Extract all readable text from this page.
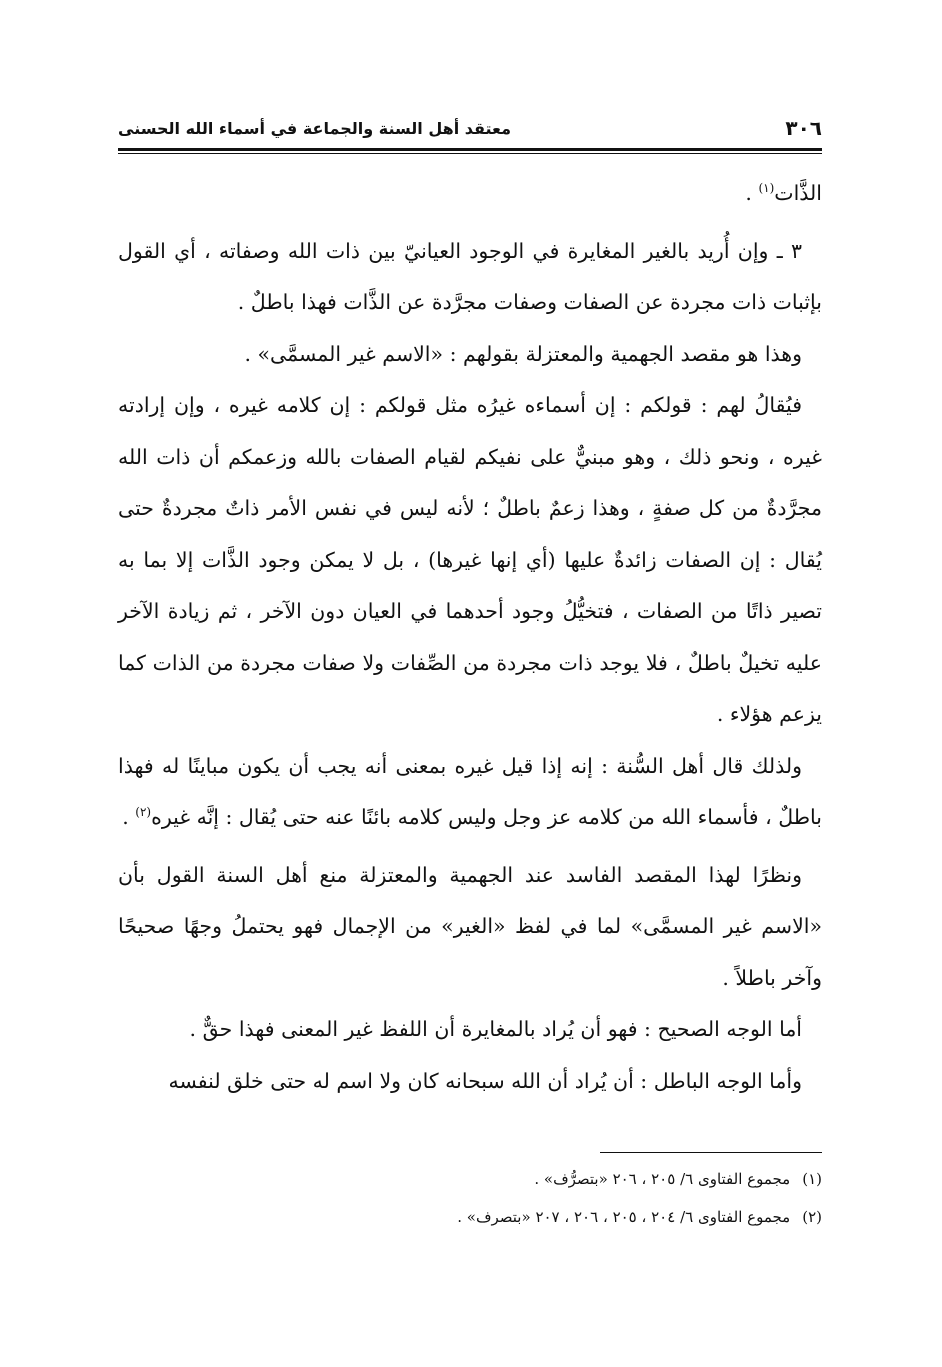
٣٠٦
معتقد أهل السنة والجماعة في أسماء الله الحسنى

الذَّات$^{(١)}$ .

٣ ـ وإن أُريد بالغير المغايرة في الوجود العيانيّ بين ذات الله وصفاته ، أي القول بإثبات ذات مجردة عن الصفات وصفات مجرَّدة عن الذَّات فهذا باطلٌ .

وهذا هو مقصد الجهمية والمعتزلة بقولهم : «الاسم غير المسمَّى» .

فيُقالُ لهم : قولكم : إن أسماءه غيرُه مثل قولكم : إن كلامه غيره ، وإن إرادته غيره ، ونحو ذلك ، وهو مبنيٌّ على نفيكم لقيام الصفات بالله وزعمكم أن ذات الله مجرَّدةٌ من كل صفةٍ ، وهذا زعمٌ باطلٌ ؛ لأنه ليس في نفس الأمر ذاتٌ مجردةٌ حتى يُقال : إن الصفات زائدةٌ عليها (أي إنها غيرها) ، بل لا يمكن وجود الذَّات إلا بما به تصير ذاتًا من الصفات ، فتخيُّلُ وجود أحدهما في العيان دون الآخر ، ثم زيادة الآخر عليه تخيلٌ باطلٌ ، فلا يوجد ذات مجردة من الصِّفات ولا صفات مجردة من الذات كما يزعم هؤلاء .

ولذلك قال أهل السُّنة : إنه إذا قيل غيره بمعنى أنه يجب أن يكون مباينًا له فهذا باطلٌ ، فأسماء الله من كلامه عز وجل وليس كلامه بائنًا عنه حتى يُقال : إنَّه غيره$^{(٢)}$ .

ونظرًا لهذا المقصد الفاسد عند الجهمية والمعتزلة منع أهل السنة القول بأن «الاسم غير المسمَّى» لما في لفظ «الغير» من الإجمال فهو يحتملُ وجهًا صحيحًا وآخر باطلاً .

أما الوجه الصحيح : فهو أن يُراد بالمغايرة أن اللفظ غير المعنى فهذا حقٌّ .

وأما الوجه الباطل : أن يُراد أن الله سبحانه كان ولا اسم له حتى خلق لنفسه

(١)مجموع الفتاوى ٦/ ٢٠٥ ، ٢٠٦ «بتصرُّف» .

(٢)مجموع الفتاوى ٦/ ٢٠٤ ، ٢٠٥ ، ٢٠٦ ، ٢٠٧ «بتصرف» .
